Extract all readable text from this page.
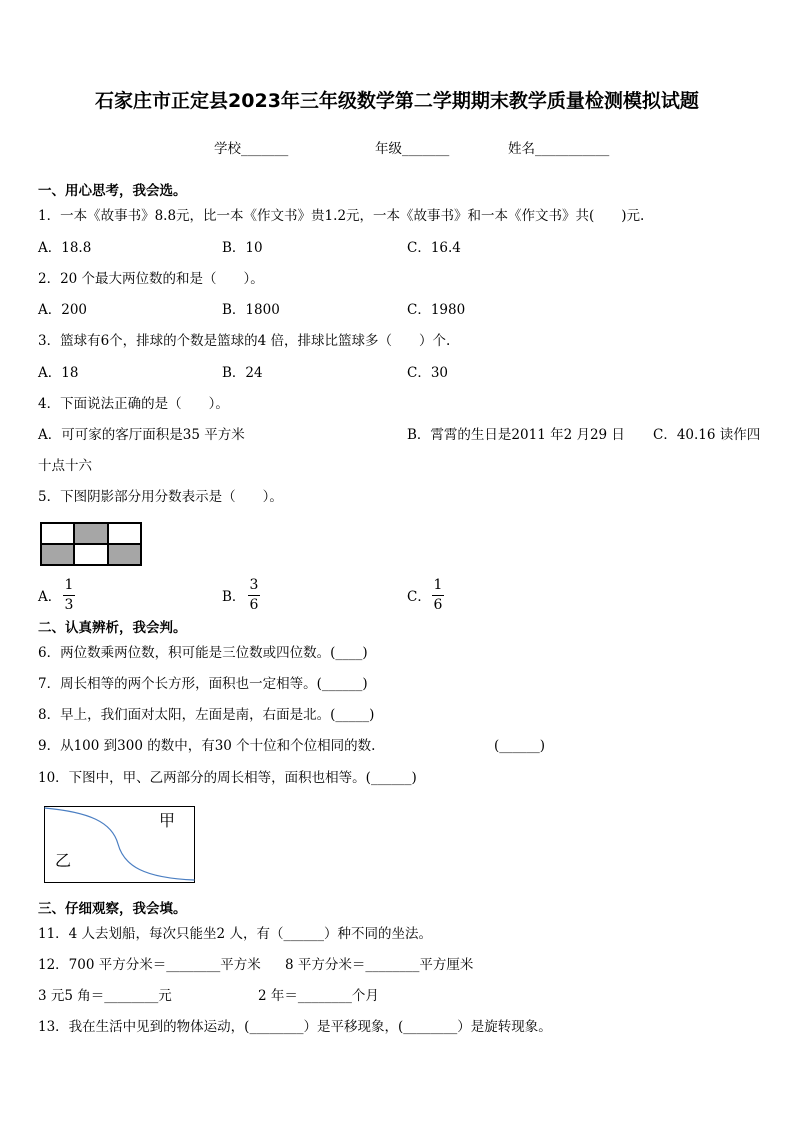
石家庄市正定县2023年三年级数学第二学期期末教学质量检测模拟试题
学校_______	年级_______	姓名___________
一、用心思考，我会选。
1．一本《故事书》8.8元，比一本《作文书》贵1.2元，一本《故事书》和一本《作文书》共(　　)元.
A．18.8	B．10	C．16.4
2．20 个最大两位数的和是（　　）。
A．200	B．1800	C．1980
3．篮球有6个，排球的个数是篮球的4 倍，排球比篮球多（　　）个.
A．18	B．24	C．30
4．下面说法正确的是（　　）。
A．可可家的客厅面积是35 平方米	B．霄霄的生日是2011 年2 月29 日 C．40.16 读作四
十点十六
5．下图阴影部分用分数表示是（　　）。
A．
1
3	B．
3
6	C．
1
6
二、认真辨析，我会判。
6．两位数乘两位数，积可能是三位数或四位数。(____)
7．周长相等的两个长方形，面积也一定相等。(______)
8．早上，我们面对太阳，左面是南，右面是北。(_____)
9．从100 到300 的数中，有30 个十位和个位相同的数.	(______)
10．下图中，甲、乙两部分的周长相等，面积也相等。(______)
甲
乙
三、仔细观察，我会填。
11．4 人去划船，每次只能坐2 人，有（______）种不同的坐法。
12．700 平方分米＝________平方米 8 平方分米＝________平方厘米
3 元5 角＝________元	2 年＝________个月
13．我在生活中见到的物体运动，(________）是平移现象，(________）是旋转现象。
